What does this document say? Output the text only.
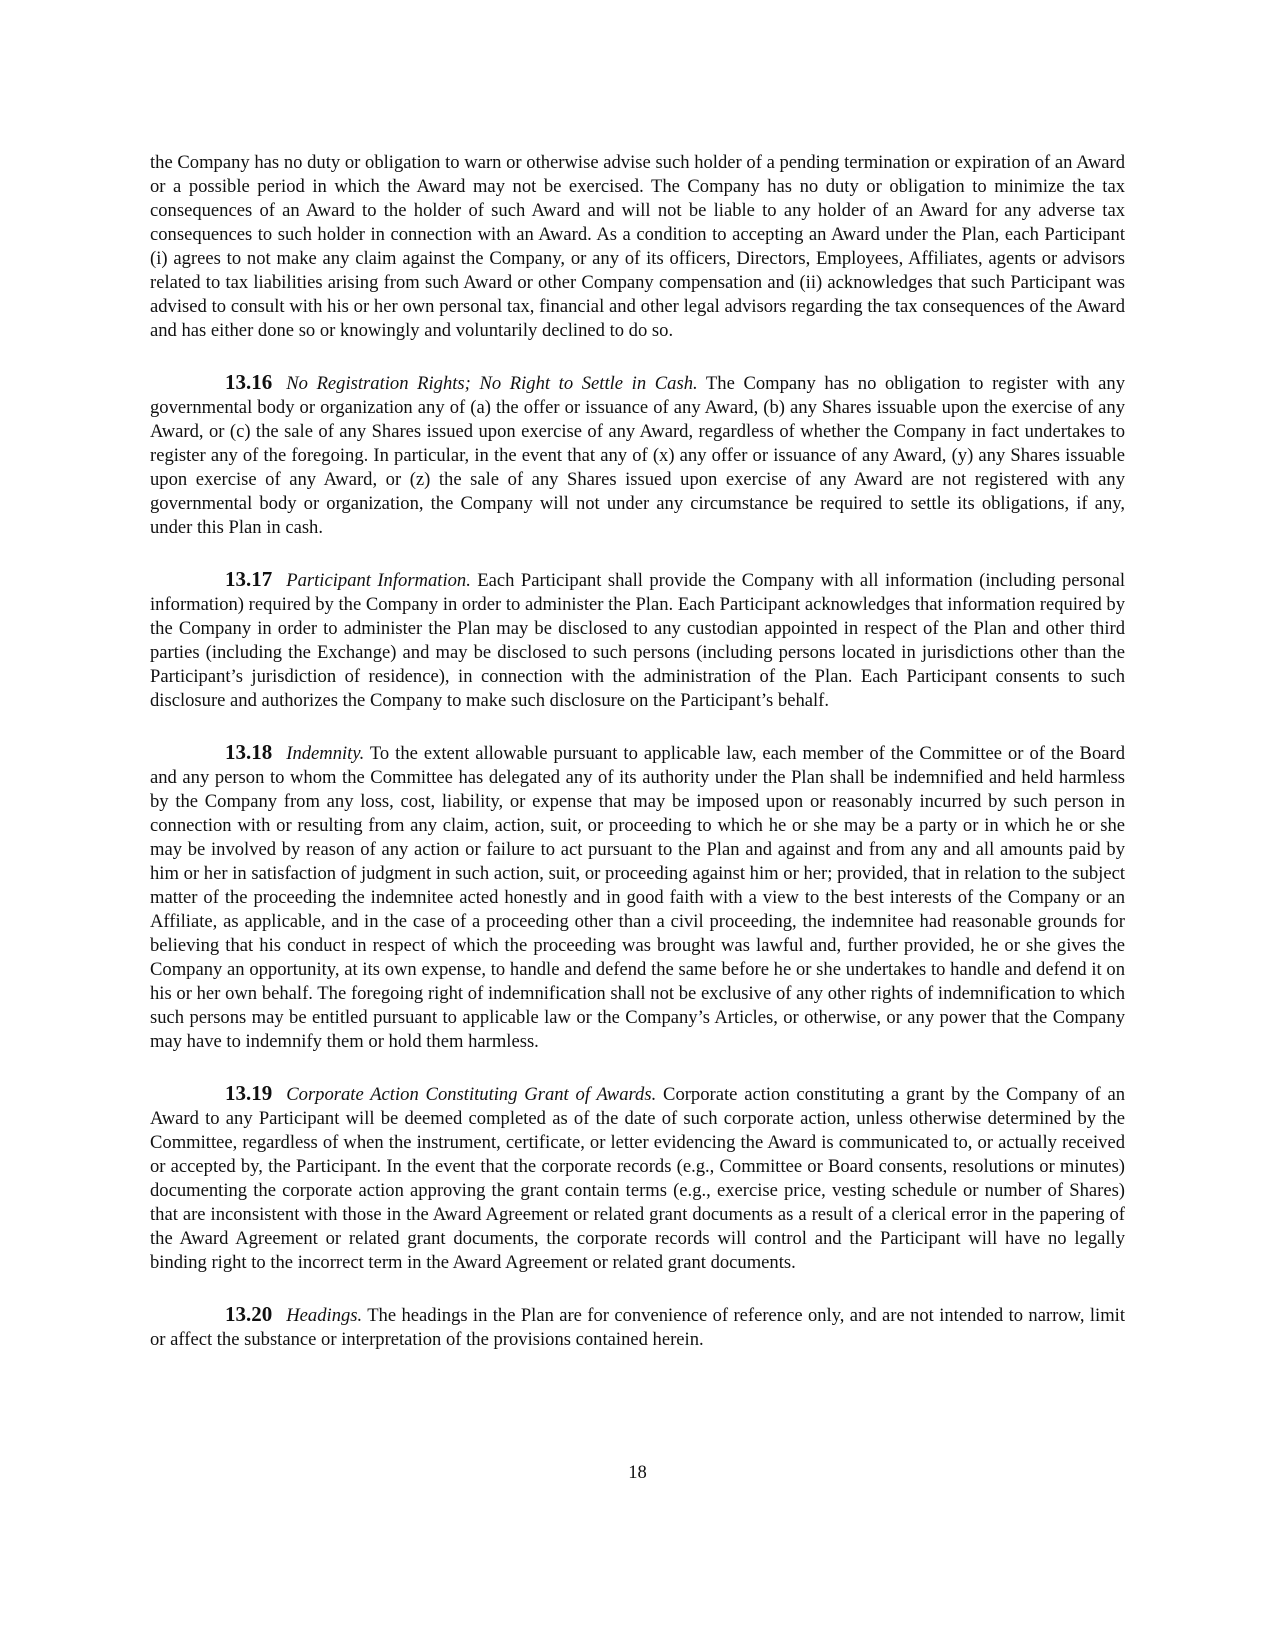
the Company has no duty or obligation to warn or otherwise advise such holder of a pending termination or expiration of an Award or a possible period in which the Award may not be exercised. The Company has no duty or obligation to minimize the tax consequences of an Award to the holder of such Award and will not be liable to any holder of an Award for any adverse tax consequences to such holder in connection with an Award. As a condition to accepting an Award under the Plan, each Participant (i) agrees to not make any claim against the Company, or any of its officers, Directors, Employees, Affiliates, agents or advisors related to tax liabilities arising from such Award or other Company compensation and (ii) acknowledges that such Participant was advised to consult with his or her own personal tax, financial and other legal advisors regarding the tax consequences of the Award and has either done so or knowingly and voluntarily declined to do so.

13.16 No Registration Rights; No Right to Settle in Cash. The Company has no obligation to register with any governmental body or organization any of (a) the offer or issuance of any Award, (b) any Shares issuable upon the exercise of any Award, or (c) the sale of any Shares issued upon exercise of any Award, regardless of whether the Company in fact undertakes to register any of the foregoing. In particular, in the event that any of (x) any offer or issuance of any Award, (y) any Shares issuable upon exercise of any Award, or (z) the sale of any Shares issued upon exercise of any Award are not registered with any governmental body or organization, the Company will not under any circumstance be required to settle its obligations, if any, under this Plan in cash.

13.17 Participant Information. Each Participant shall provide the Company with all information (including personal information) required by the Company in order to administer the Plan. Each Participant acknowledges that information required by the Company in order to administer the Plan may be disclosed to any custodian appointed in respect of the Plan and other third parties (including the Exchange) and may be disclosed to such persons (including persons located in jurisdictions other than the Participant’s jurisdiction of residence), in connection with the administration of the Plan. Each Participant consents to such disclosure and authorizes the Company to make such disclosure on the Participant’s behalf.

13.18 Indemnity. To the extent allowable pursuant to applicable law, each member of the Committee or of the Board and any person to whom the Committee has delegated any of its authority under the Plan shall be indemnified and held harmless by the Company from any loss, cost, liability, or expense that may be imposed upon or reasonably incurred by such person in connection with or resulting from any claim, action, suit, or proceeding to which he or she may be a party or in which he or she may be involved by reason of any action or failure to act pursuant to the Plan and against and from any and all amounts paid by him or her in satisfaction of judgment in such action, suit, or proceeding against him or her; provided, that in relation to the subject matter of the proceeding the indemnitee acted honestly and in good faith with a view to the best interests of the Company or an Affiliate, as applicable, and in the case of a proceeding other than a civil proceeding, the indemnitee had reasonable grounds for believing that his conduct in respect of which the proceeding was brought was lawful and, further provided, he or she gives the Company an opportunity, at its own expense, to handle and defend the same before he or she undertakes to handle and defend it on his or her own behalf. The foregoing right of indemnification shall not be exclusive of any other rights of indemnification to which such persons may be entitled pursuant to applicable law or the Company’s Articles, or otherwise, or any power that the Company may have to indemnify them or hold them harmless.

13.19 Corporate Action Constituting Grant of Awards. Corporate action constituting a grant by the Company of an Award to any Participant will be deemed completed as of the date of such corporate action, unless otherwise determined by the Committee, regardless of when the instrument, certificate, or letter evidencing the Award is communicated to, or actually received or accepted by, the Participant. In the event that the corporate records (e.g., Committee or Board consents, resolutions or minutes) documenting the corporate action approving the grant contain terms (e.g., exercise price, vesting schedule or number of Shares) that are inconsistent with those in the Award Agreement or related grant documents as a result of a clerical error in the papering of the Award Agreement or related grant documents, the corporate records will control and the Participant will have no legally binding right to the incorrect term in the Award Agreement or related grant documents.

13.20 Headings. The headings in the Plan are for convenience of reference only, and are not intended to narrow, limit or affect the substance or interpretation of the provisions contained herein.

18
